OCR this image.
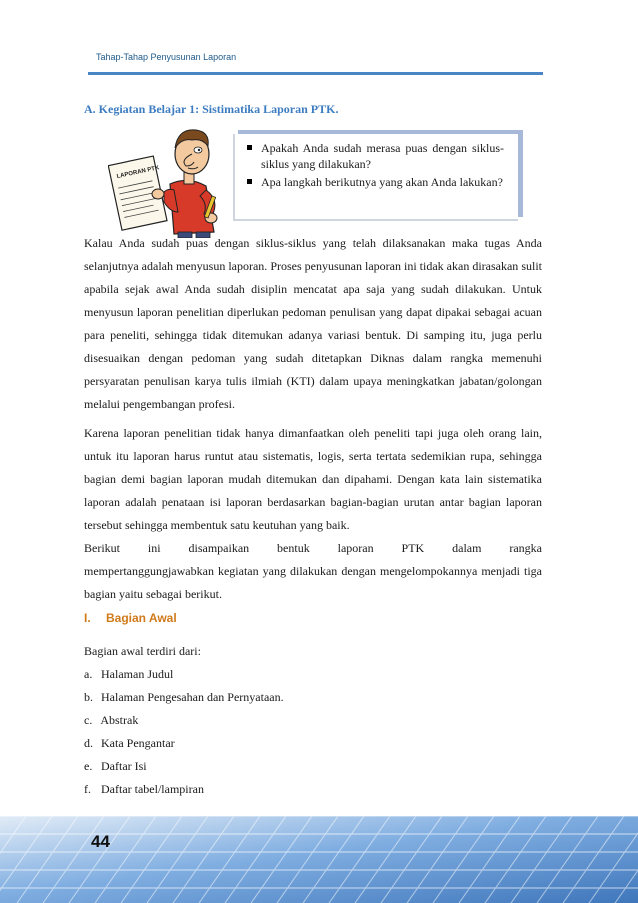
Tahap-Tahap Penyusunan Laporan
A. Kegiatan Belajar 1: Sistimatika Laporan PTK.
LAPORAN PTK
Apakah Anda sudah merasa puas dengan siklus-siklus yang dilakukan?
Apa langkah berikutnya yang akan Anda lakukan?
Kalau Anda sudah puas dengan siklus-siklus yang telah dilaksanakan maka tugas Anda selanjutnya adalah menyusun laporan. Proses penyusunan laporan ini tidak akan dirasakan sulit apabila sejak awal Anda sudah disiplin mencatat apa saja yang sudah dilakukan. Untuk menyusun laporan penelitian diperlukan pedoman penulisan yang dapat dipakai sebagai acuan para peneliti, sehingga tidak ditemukan adanya variasi bentuk. Di samping itu, juga perlu disesuaikan dengan pedoman yang sudah ditetapkan Diknas dalam rangka memenuhi persyaratan penulisan karya tulis ilmiah (KTI) dalam upaya meningkatkan jabatan/golongan melalui pengembangan profesi.
Karena laporan penelitian tidak hanya dimanfaatkan oleh peneliti tapi juga oleh orang lain, untuk itu laporan harus runtut atau sistematis, logis, serta tertata sedemikian rupa, sehingga bagian demi bagian laporan mudah ditemukan dan dipahami. Dengan kata lain sistematika laporan adalah penataan isi laporan berdasarkan bagian-bagian urutan antar bagian laporan tersebut sehingga membentuk satu keutuhan yang baik.
Berikut ini disampaikan bentuk laporan PTK dalam rangka
mempertanggungjawabkan kegiatan yang dilakukan dengan mengelompokannya menjadi tiga bagian yaitu sebagai berikut.
I. Bagian Awal
Bagian awal terdiri dari:
a. Halaman Judul
b. Halaman Pengesahan dan Pernyataan.
c. Abstrak
d. Kata Pengantar
e. Daftar Isi
f. Daftar tabel/lampiran
44
